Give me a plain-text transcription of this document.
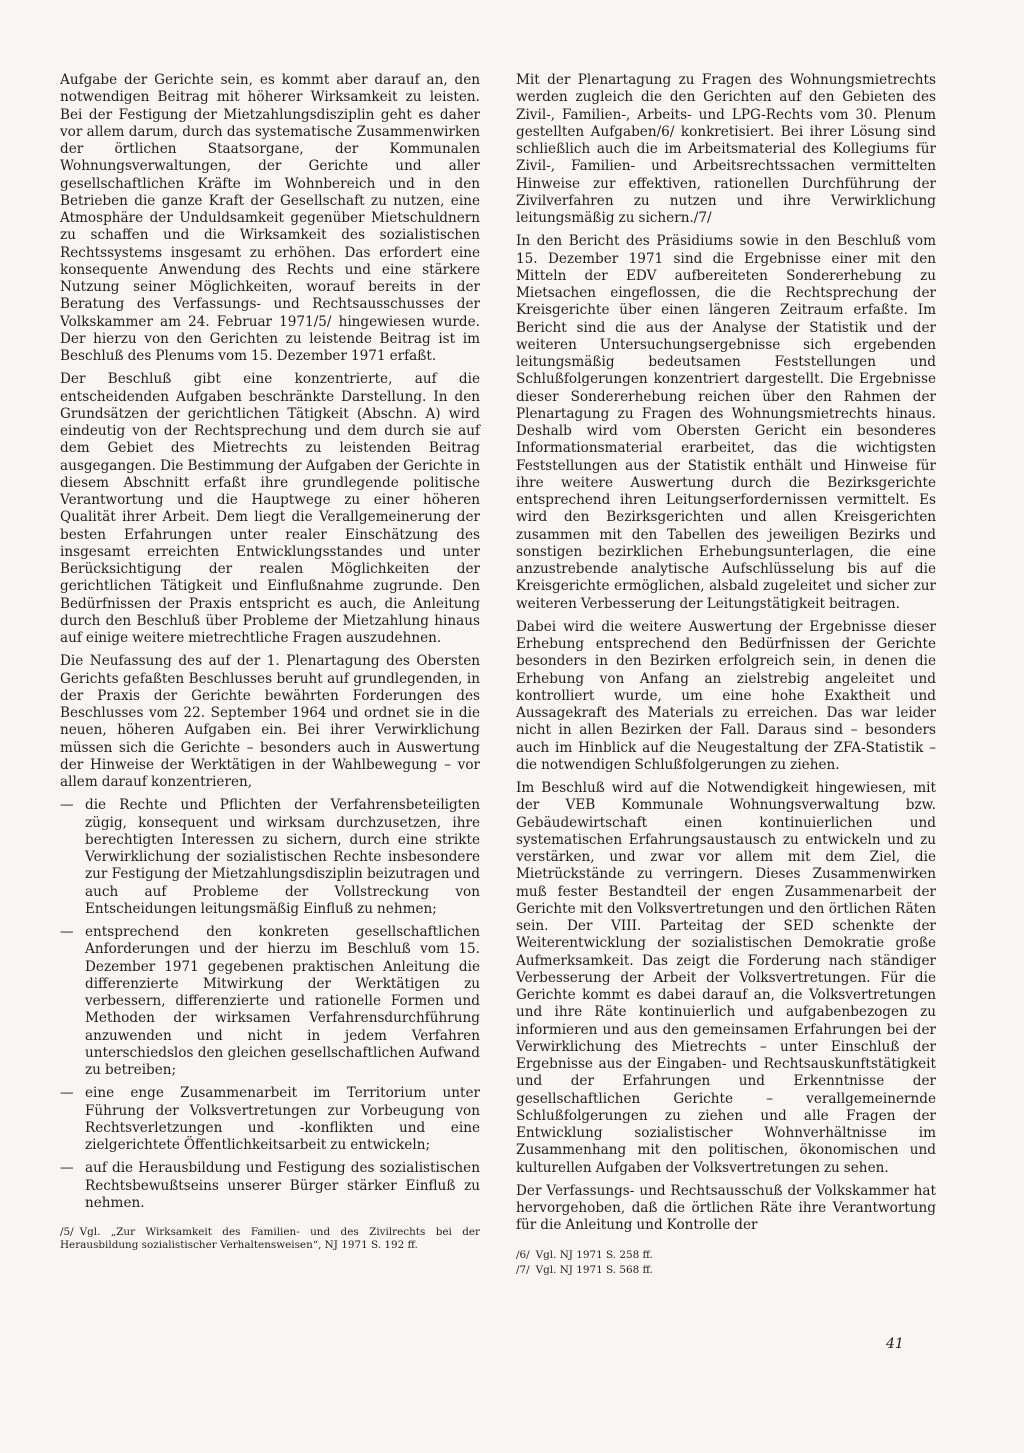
Aufgabe der Gerichte sein, es kommt aber darauf an, den notwendigen Beitrag mit höherer Wirksamkeit zu leisten. Bei der Festigung der Mietzahlungsdisziplin geht es daher vor allem darum, durch das systematische Zusammenwirken der örtlichen Staatsorgane, der Kommunalen Wohnungsverwaltungen, der Gerichte und aller gesellschaftlichen Kräfte im Wohnbereich und in den Betrieben die ganze Kraft der Gesellschaft zu nutzen, eine Atmosphäre der Unduldsamkeit gegenüber Mietschuldnern zu schaffen und die Wirksamkeit des sozialistischen Rechtssystems insgesamt zu erhöhen. Das erfordert eine konsequente Anwendung des Rechts und eine stärkere Nutzung seiner Möglichkeiten, worauf bereits in der Beratung des Verfassungs- und Rechtsausschusses der Volkskammer am 24. Februar 1971/5/ hingewiesen wurde. Der hierzu von den Gerichten zu leistende Beitrag ist im Beschluß des Plenums vom 15. Dezember 1971 erfaßt.

Der Beschluß gibt eine konzentrierte, auf die entscheidenden Aufgaben beschränkte Darstellung. In den Grundsätzen der gerichtlichen Tätigkeit (Abschn. A) wird eindeutig von der Rechtsprechung und dem durch sie auf dem Gebiet des Mietrechts zu leistenden Beitrag ausgegangen. Die Bestimmung der Aufgaben der Gerichte in diesem Abschnitt erfaßt ihre grundlegende politische Verantwortung und die Hauptwege zu einer höheren Qualität ihrer Arbeit. Dem liegt die Verallgemeinerung der besten Erfahrungen unter realer Einschätzung des insgesamt erreichten Entwicklungsstandes und unter Berücksichtigung der realen Möglichkeiten der gerichtlichen Tätigkeit und Einflußnahme zugrunde. Den Bedürfnissen der Praxis entspricht es auch, die Anleitung durch den Beschluß über Probleme der Mietzahlung hinaus auf einige weitere mietrechtliche Fragen auszudehnen.

Die Neufassung des auf der 1. Plenartagung des Obersten Gerichts gefaßten Beschlusses beruht auf grundlegenden, in der Praxis der Gerichte bewährten Forderungen des Beschlusses vom 22. September 1964 und ordnet sie in die neuen, höheren Aufgaben ein. Bei ihrer Verwirklichung müssen sich die Gerichte – besonders auch in Auswertung der Hinweise der Werktätigen in der Wahlbewegung – vor allem darauf konzentrieren,

— die Rechte und Pflichten der Verfahrensbeteiligten zügig, konsequent und wirksam durchzusetzen, ihre berechtigten Interessen zu sichern, durch eine strikte Verwirklichung der sozialistischen Rechte insbesondere zur Festigung der Mietzahlungsdisziplin beizutragen und auch auf Probleme der Vollstreckung von Entscheidungen leitungsmäßig Einfluß zu nehmen;

— entsprechend den konkreten gesellschaftlichen Anforderungen und der hierzu im Beschluß vom 15. Dezember 1971 gegebenen praktischen Anleitung die differenzierte Mitwirkung der Werktätigen zu verbessern, differenzierte und rationelle Formen und Methoden der wirksamen Verfahrensdurchführung anzuwenden und nicht in jedem Verfahren unterschiedslos den gleichen gesellschaftlichen Aufwand zu betreiben;

— eine enge Zusammenarbeit im Territorium unter Führung der Volksvertretungen zur Vorbeugung von Rechtsverletzungen und -konflikten und eine zielgerichtete Öffentlichkeitsarbeit zu entwickeln;

— auf die Herausbildung und Festigung des sozialistischen Rechtsbewußtseins unserer Bürger stärker Einfluß zu nehmen.

/5/ Vgl. „Zur Wirksamkeit des Familien- und des Zivilrechts bei der Herausbildung sozialistischer Verhaltensweisen“, NJ 1971 S. 192 ff.

Mit der Plenartagung zu Fragen des Wohnungsmietrechts werden zugleich die den Gerichten auf den Gebieten des Zivil-, Familien-, Arbeits- und LPG-Rechts vom 30. Plenum gestellten Aufgaben/6/ konkretisiert. Bei ihrer Lösung sind schließlich auch die im Arbeitsmaterial des Kollegiums für Zivil-, Familien- und Arbeitsrechtssachen vermittelten Hinweise zur effektiven, rationellen Durchführung der Zivilverfahren zu nutzen und ihre Verwirklichung leitungsmäßig zu sichern./7/

In den Bericht des Präsidiums sowie in den Beschluß vom 15. Dezember 1971 sind die Ergebnisse einer mit den Mitteln der EDV aufbereiteten Sondererhebung zu Mietsachen eingeflossen, die die Rechtsprechung der Kreisgerichte über einen längeren Zeitraum erfaßte. Im Bericht sind die aus der Analyse der Statistik und der weiteren Untersuchungsergebnisse sich ergebenden leitungsmäßig bedeutsamen Feststellungen und Schlußfolgerungen konzentriert dargestellt. Die Ergebnisse dieser Sondererhebung reichen über den Rahmen der Plenartagung zu Fragen des Wohnungsmietrechts hinaus. Deshalb wird vom Obersten Gericht ein besonderes Informationsmaterial erarbeitet, das die wichtigsten Feststellungen aus der Statistik enthält und Hinweise für ihre weitere Auswertung durch die Bezirksgerichte entsprechend ihren Leitungserfordernissen vermittelt. Es wird den Bezirksgerichten und allen Kreisgerichten zusammen mit den Tabellen des jeweiligen Bezirks und sonstigen bezirklichen Erhebungsunterlagen, die eine anzustrebende analytische Aufschlüsselung bis auf die Kreisgerichte ermöglichen, alsbald zugeleitet und sicher zur weiteren Verbesserung der Leitungstätigkeit beitragen.

Dabei wird die weitere Auswertung der Ergebnisse dieser Erhebung entsprechend den Bedürfnissen der Gerichte besonders in den Bezirken erfolgreich sein, in denen die Erhebung von Anfang an zielstrebig angeleitet und kontrolliert wurde, um eine hohe Exaktheit und Aussagekraft des Materials zu erreichen. Das war leider nicht in allen Bezirken der Fall. Daraus sind – besonders auch im Hinblick auf die Neugestaltung der ZFA-Statistik – die notwendigen Schlußfolgerungen zu ziehen.

Im Beschluß wird auf die Notwendigkeit hingewiesen, mit der VEB Kommunale Wohnungsverwaltung bzw. Gebäudewirtschaft einen kontinuierlichen und systematischen Erfahrungsaustausch zu entwickeln und zu verstärken, und zwar vor allem mit dem Ziel, die Mietrückstände zu verringern. Dieses Zusammenwirken muß fester Bestandteil der engen Zusammenarbeit der Gerichte mit den Volksvertretungen und den örtlichen Räten sein. Der VIII. Parteitag der SED schenkte der Weiterentwicklung der sozialistischen Demokratie große Aufmerksamkeit. Das zeigt die Forderung nach ständiger Verbesserung der Arbeit der Volksvertretungen. Für die Gerichte kommt es dabei darauf an, die Volksvertretungen und ihre Räte kontinuierlich und aufgabenbezogen zu informieren und aus den gemeinsamen Erfahrungen bei der Verwirklichung des Mietrechts – unter Einschluß der Ergebnisse aus der Eingaben- und Rechtsauskunftstätigkeit und der Erfahrungen und Erkenntnisse der gesellschaftlichen Gerichte – verallgemeinernde Schlußfolgerungen zu ziehen und alle Fragen der Entwicklung sozialistischer Wohnverhältnisse im Zusammenhang mit den politischen, ökonomischen und kulturellen Aufgaben der Volksvertretungen zu sehen.

Der Verfassungs- und Rechtsausschuß der Volkskammer hat hervorgehoben, daß die örtlichen Räte ihre Verantwortung für die Anleitung und Kontrolle der

/6/ Vgl. NJ 1971 S. 258 ff.

/7/ Vgl. NJ 1971 S. 568 ff.

41
